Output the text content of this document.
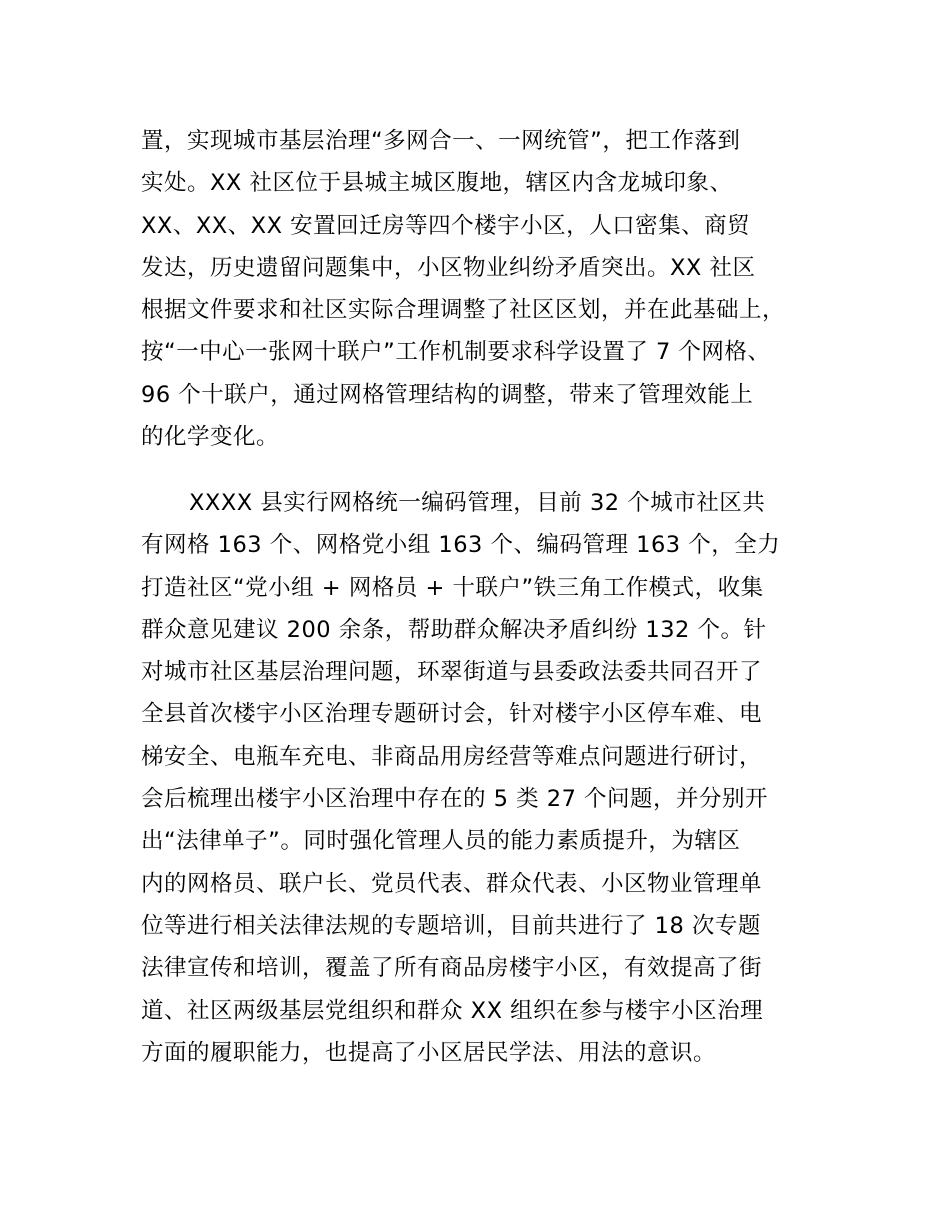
置，实现城市基层治理“多网合一、一网统管”，把工作落到
实处。XX 社区位于县城主城区腹地，辖区内含龙城印象、
XX、XX、XX 安置回迁房等四个楼宇小区，人口密集、商贸
发达，历史遗留问题集中，小区物业纠纷矛盾突出。XX 社区
根据文件要求和社区实际合理调整了社区区划，并在此基础上，
按“一中心一张网十联户”工作机制要求科学设置了 7 个网格、
96 个十联户，通过网格管理结构的调整，带来了管理效能上
的化学变化。
XXXX 县实行网格统一编码管理，目前 32 个城市社区共
有网格 163 个、网格党小组 163 个、编码管理 163 个，全力
打造社区“党小组 + 网格员 + 十联户”铁三角工作模式，收集
群众意见建议 200 余条，帮助群众解决矛盾纠纷 132 个。针
对城市社区基层治理问题，环翠街道与县委政法委共同召开了
全县首次楼宇小区治理专题研讨会，针对楼宇小区停车难、电
梯安全、电瓶车充电、非商品用房经营等难点问题进行研讨，
会后梳理出楼宇小区治理中存在的 5 类 27 个问题，并分别开
出“法律单子”。同时强化管理人员的能力素质提升，为辖区
内的网格员、联户长、党员代表、群众代表、小区物业管理单
位等进行相关法律法规的专题培训，目前共进行了 18 次专题
法律宣传和培训，覆盖了所有商品房楼宇小区，有效提高了街
道、社区两级基层党组织和群众 XX 组织在参与楼宇小区治理
方面的履职能力，也提高了小区居民学法、用法的意识。
